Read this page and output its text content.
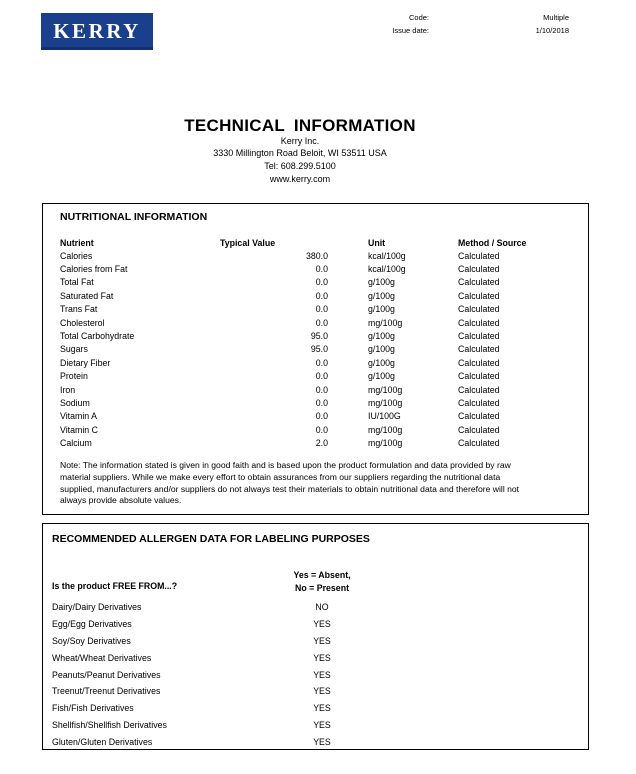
KERRY
Code:	Multiple
Issue date:	1/10/2018
TECHNICAL INFORMATION
Kerry Inc.
3330 Millington Road Beloit, WI 53511 USA
Tel: 608.299.5100
www.kerry.com
NUTRITIONAL INFORMATION
Nutrient	Typical Value	Unit	Method / Source
Calories	380.0	kcal/100g	Calculated
Calories from Fat	0.0	kcal/100g	Calculated
Total Fat	0.0	g/100g	Calculated
Saturated Fat	0.0	g/100g	Calculated
Trans Fat	0.0	g/100g	Calculated
Cholesterol	0.0	mg/100g	Calculated
Total Carbohydrate	95.0	g/100g	Calculated
Sugars	95.0	g/100g	Calculated
Dietary Fiber	0.0	g/100g	Calculated
Protein	0.0	g/100g	Calculated
Iron	0.0	mg/100g	Calculated
Sodium	0.0	mg/100g	Calculated
Vitamin A	0.0	IU/100G	Calculated
Vitamin C	0.0	mg/100g	Calculated
Calcium	2.0	mg/100g	Calculated
Note: The information stated is given in good faith and is based upon the product formulation and data provided by raw material suppliers. While we make every effort to obtain assurances from our suppliers regarding the nutritional data supplied, manufacturers and/or suppliers do not always test their materials to obtain nutritional data and therefore will not always provide absolute values.
RECOMMENDED ALLERGEN DATA FOR LABELING PURPOSES
Is the product FREE FROM...?	Yes = Absent,
No = Present

Dairy/Dairy Derivatives	NO
Egg/Egg Derivatives	YES
Soy/Soy Derivatives	YES
Wheat/Wheat Derivatives	YES
Peanuts/Peanut Derivatives	YES
Treenut/Treenut Derivatives	YES
Fish/Fish Derivatives	YES
Shellfish/Shellfish Derivatives	YES
Gluten/Gluten Derivatives	YES
